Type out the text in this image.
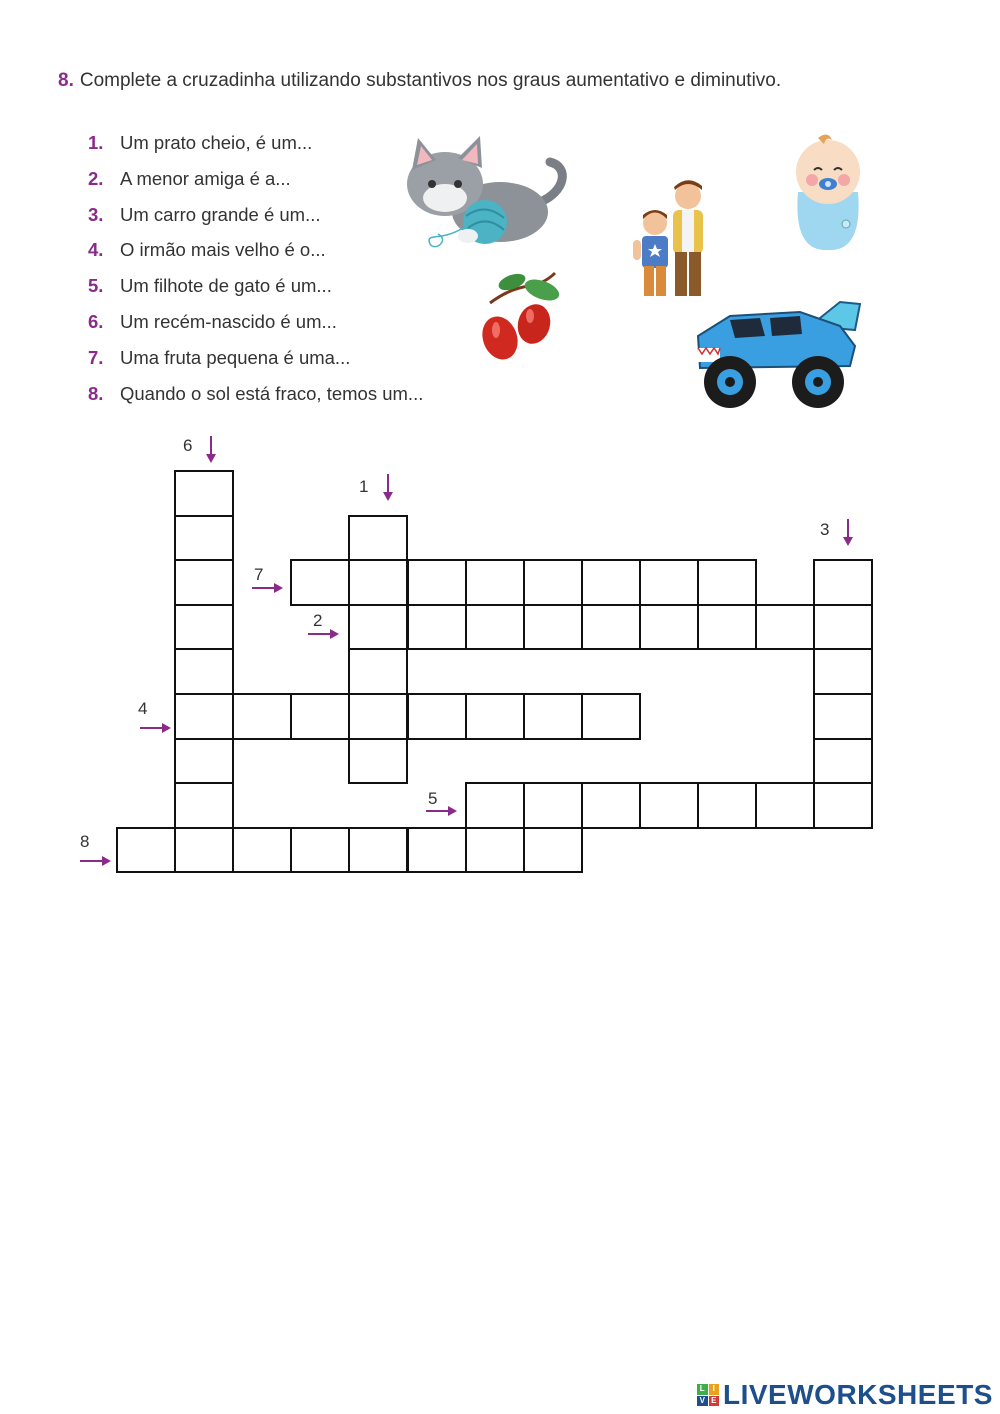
8. Complete a cruzadinha utilizando substantivos nos graus aumentativo e diminutivo.
1. Um prato cheio, é um...
2. A menor amiga é a...
3. Um carro grande é um...
4. O irmão mais velho é o...
5. Um filhote de gato é um...
6. Um recém-nascido é um...
7. Uma fruta pequena é uma...
8. Quando o sol está fraco, temos um...
6
1
3
7
2
4
5
8
L I
V E LIVEWORKSHEETS
